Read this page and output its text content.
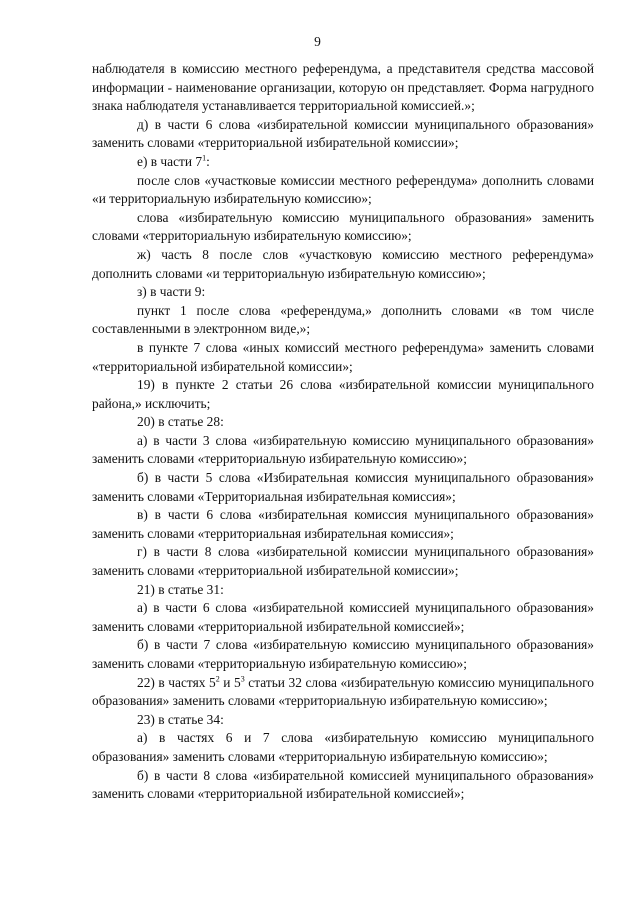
9

наблюдателя в комиссию местного референдума, а представителя средства массовой информации - наименование организации, которую он представляет. Форма нагрудного знака наблюдателя устанавливается территориальной комиссией.»;

д) в части 6 слова «избирательной комиссии муниципального образования» заменить словами «территориальной избирательной комиссии»;

е) в части $7^1$:

после слов «участковые комиссии местного референдума» дополнить словами «и территориальную избирательную комиссию»;

слова «избирательную комиссию муниципального образования» заменить словами «территориальную избирательную комиссию»;

ж) часть 8 после слов «участковую комиссию местного референдума» дополнить словами «и территориальную избирательную комиссию»;

з) в части 9:

пункт 1 после слова «референдума,» дополнить словами «в том числе составленными в электронном виде,»;

в пункте 7 слова «иных комиссий местного референдума» заменить словами «территориальной избирательной комиссии»;

19) в пункте 2 статьи 26 слова «избирательной комиссии муниципального района,» исключить;

20) в статье 28:

а) в части 3 слова «избирательную комиссию муниципального образования» заменить словами «территориальную избирательную комиссию»;

б) в части 5 слова «Избирательная комиссия муниципального образования» заменить словами «Территориальная избирательная комиссия»;

в) в части 6 слова «избирательная комиссия муниципального образования» заменить словами «территориальная избирательная комиссия»;

г) в части 8 слова «избирательной комиссии муниципального образования» заменить словами «территориальной избирательной комиссии»;

21) в статье 31:

а) в части 6 слова «избирательной комиссией муниципального образования» заменить словами «территориальной избирательной комиссией»;

б) в части 7 слова «избирательную комиссию муниципального образования» заменить словами «территориальную избирательную комиссию»;

22) в частях $5^2$ и $5^3$ статьи 32 слова «избирательную комиссию муниципального образования» заменить словами «территориальную избирательную комиссию»;

23) в статье 34:

а) в частях 6 и 7 слова «избирательную комиссию муниципального образования» заменить словами «территориальную избирательную комиссию»;

б) в части 8 слова «избирательной комиссией муниципального образования» заменить словами «территориальной избирательной комиссией»;
